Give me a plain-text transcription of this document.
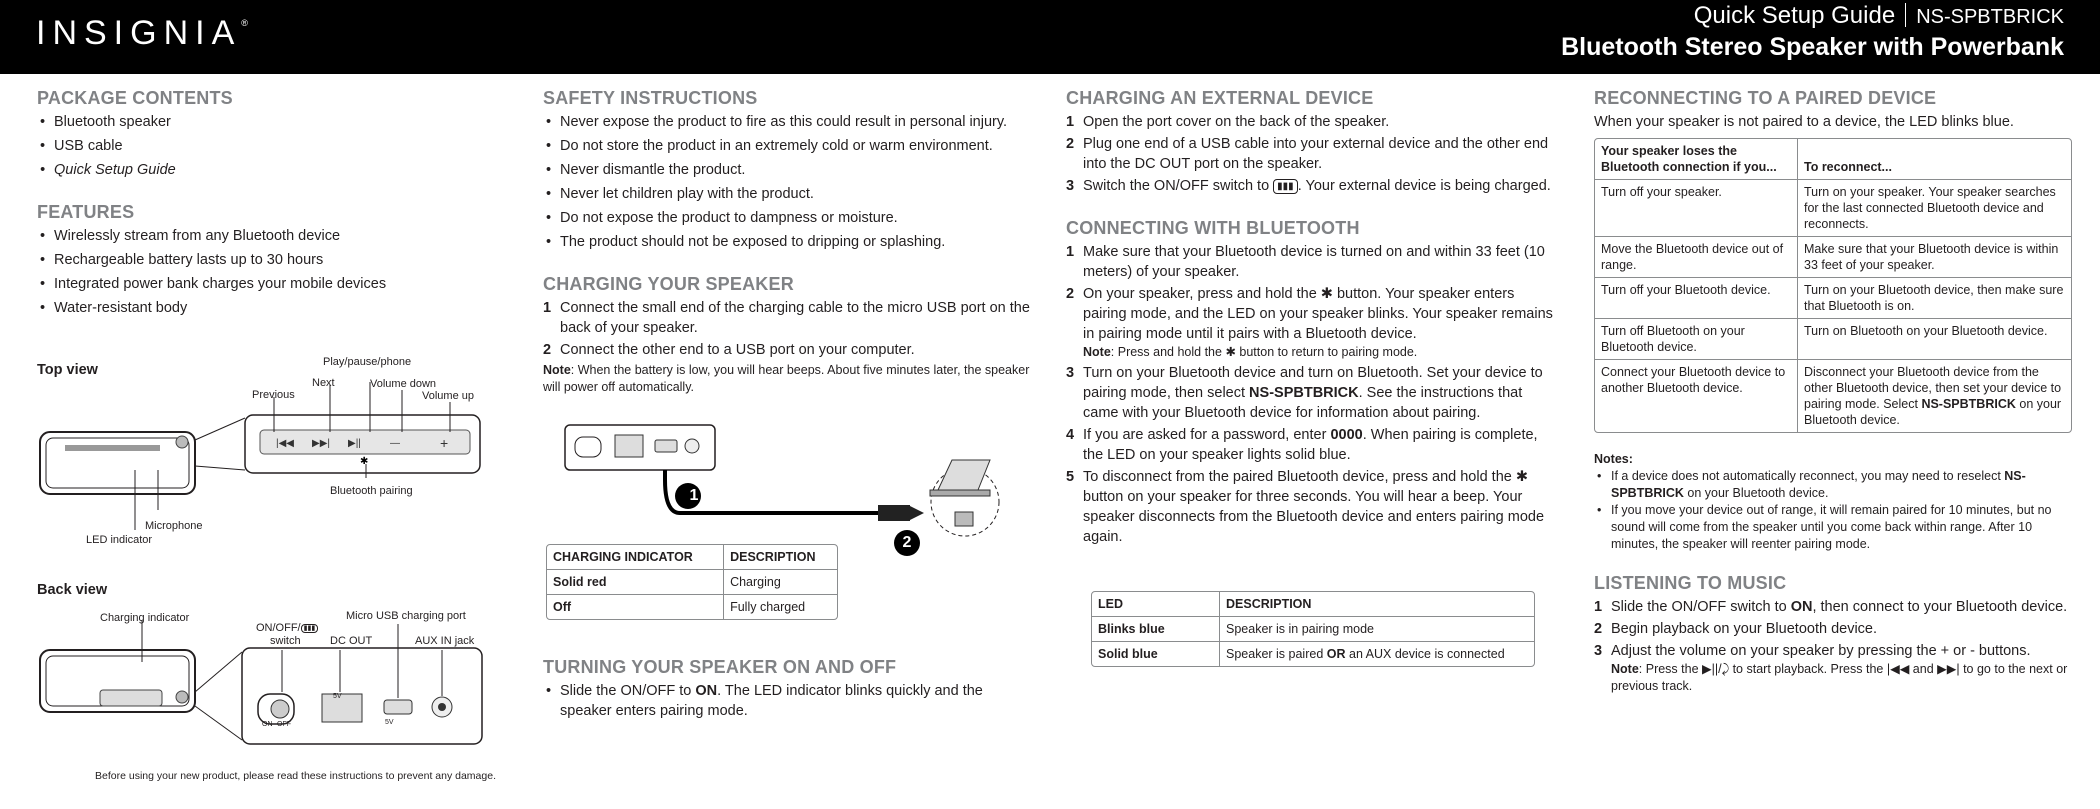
INSIGNIA®	Quick Setup Guide NS-SPBTBRICK
Bluetooth Stereo Speaker with Powerbank
PACKAGE CONTENTS
• Bluetooth speaker
• USB cable
• Quick Setup Guide
FEATURES
• Wirelessly stream from any Bluetooth device
• Rechargeable battery lasts up to 30 hours
• Integrated power bank charges your mobile devices
• Water-resistant body
Top view
Back view
|◀◀ ▶▶| ▶||	—	+
✱
Play/pause/phone
Next
Previous
Volume down
Volume up
Bluetooth pairing
Microphone
LED indicator
Charging indicator
ON/OFF/ ▮▮▮
switch
Micro USB charging port
DC OUT	AUX IN jack
ON OFF
5V
5V
Before using your new product, please read these instructions to prevent any damage.
SAFETY INSTRUCTIONS
• Never expose the product to fire as this could result in personal injury.
• Do not store the product in an extremely cold or warm environment.
• Never dismantle the product.
• Never let children play with the product.
• Do not expose the product to dampness or moisture.
• The product should not be exposed to dripping or splashing.
CHARGING YOUR SPEAKER
1 Connect the small end of the charging cable to the micro USB port on the back of your speaker.
2 Connect the other end to a USB port on your computer.
Note: When the battery is low, you will hear beeps. About five minutes later, the speaker will power off automatically.
1
2
CHARGING INDICATOR	DESCRIPTION
Solid red	Charging
Off	Fully charged
TURNING YOUR SPEAKER ON AND OFF
• Slide the ON/OFF to ON. The LED indicator blinks quickly and the speaker enters pairing mode.
CHARGING AN EXTERNAL DEVICE
1 Open the port cover on the back of the speaker.
2 Plug one end of a USB cable into your external device and the other end into the DC OUT port on the speaker.
3 Switch the ON/OFF switch to ▮▮▮ . Your external device is being charged.
CONNECTING WITH BLUETOOTH
1 Make sure that your Bluetooth device is turned on and within 33 feet (10 meters) of your speaker.
2 On your speaker, press and hold the ✱ button. Your speaker enters pairing mode, and the LED on your speaker blinks. Your speaker remains in pairing mode until it pairs with a Bluetooth device.
Note: Press and hold the ✱ button to return to pairing mode.
3 Turn on your Bluetooth device and turn on Bluetooth. Set your device to pairing mode, then select NS-SPBTBRICK. See the instructions that came with your Bluetooth device for information about pairing.
4 If you are asked for a password, enter 0000. When pairing is complete, the LED on your speaker lights solid blue.
5 To disconnect from the paired Bluetooth device, press and hold the ✱ button on your speaker for three seconds. You will hear a beep. Your speaker disconnects from the Bluetooth device and enters pairing mode again.
LED	DESCRIPTION
Blinks blue	Speaker is in pairing mode
Solid blue	Speaker is paired OR an AUX device is connected
RECONNECTING TO A PAIRED DEVICE
When your speaker is not paired to a device, the LED blinks blue.
Your speaker loses the Bluetooth connection if you...	To reconnect...
Turn off your speaker.	Turn on your speaker. Your speaker searches for the last connected Bluetooth device and reconnects.
Move the Bluetooth device out of range.	Make sure that your Bluetooth device is within 33 feet of your speaker.
Turn off your Bluetooth device.	Turn on your Bluetooth device, then make sure that Bluetooth is on.
Turn off Bluetooth on your Bluetooth device.	Turn on Bluetooth on your Bluetooth device.
Connect your Bluetooth device to another Bluetooth device.	Disconnect your Bluetooth device from the other Bluetooth device, then set your device to pairing mode. Select NS-SPBTBRICK on your Bluetooth device.
Notes:
• If a device does not automatically reconnect, you may need to reselect NS-SPBTBRICK on your Bluetooth device.
• If you move your device out of range, it will remain paired for 10 minutes, but no sound will come from the speaker until you come back within range. After 10 minutes, the speaker will reenter pairing mode.
LISTENING TO MUSIC
1 Slide the ON/OFF switch to ON, then connect to your Bluetooth device.
2 Begin playback on your Bluetooth device.
3 Adjust the volume on your speaker by pressing the + or - buttons.
Note: Press the ▶||/⤸ to start playback. Press the |◀◀ and ▶▶| to go to the next or previous track.
